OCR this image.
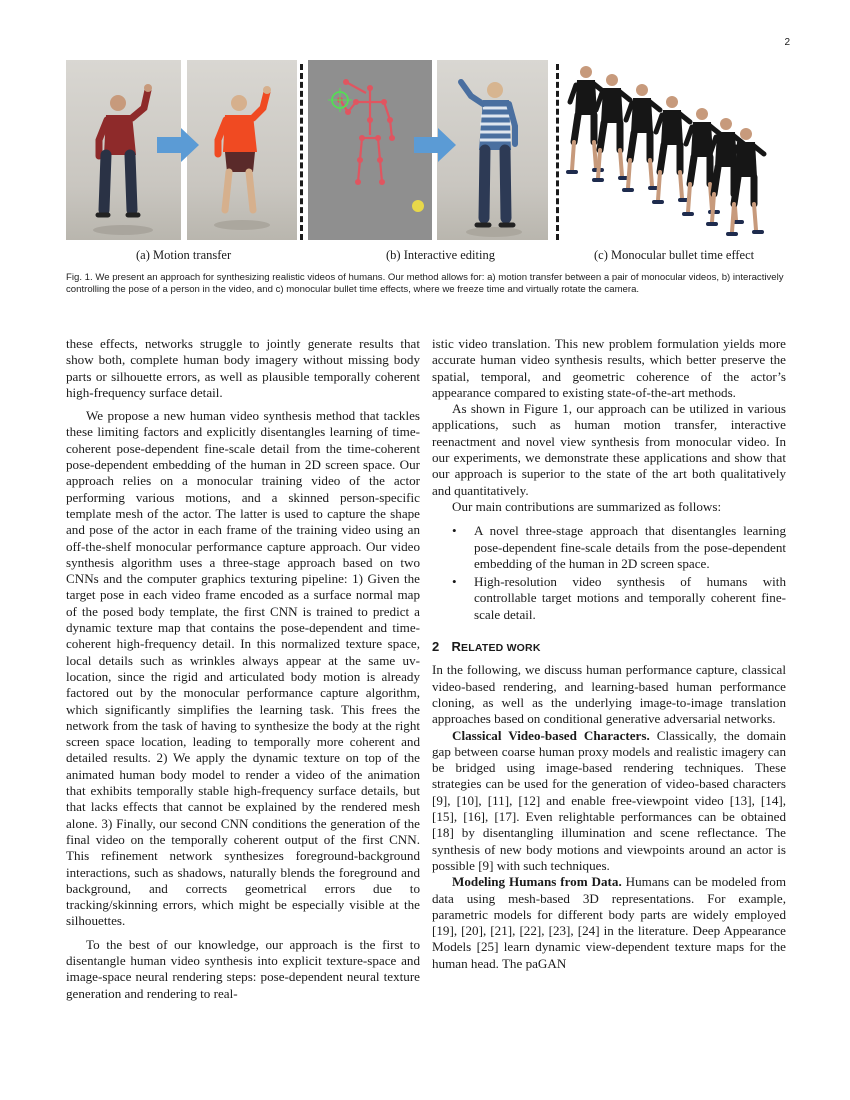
2
(a) Motion transfer	(b) Interactive editing	(c) Monocular bullet time effect
Fig. 1. We present an approach for synthesizing realistic videos of humans. Our method allows for: a) motion transfer between a pair of monocular videos, b) interactively controlling the pose of a person in the video, and c) monocular bullet time effects, where we freeze time and virtually rotate the camera.

these effects, networks struggle to jointly generate results that show both, complete human body imagery without missing body parts or silhouette errors, as well as plausible temporally coherent high-frequency surface detail.

We propose a new human video synthesis method that tackles these limiting factors and explicitly disentangles learning of time-coherent pose-dependent fine-scale detail from the time-coherent pose-dependent embedding of the human in 2D screen space. Our approach relies on a monocular training video of the actor performing various motions, and a skinned person-specific template mesh of the actor. The latter is used to capture the shape and pose of the actor in each frame of the training video using an off-the-shelf monocular performance capture approach. Our video synthesis algorithm uses a three-stage approach based on two CNNs and the computer graphics texturing pipeline: 1) Given the target pose in each video frame encoded as a surface normal map of the posed body template, the first CNN is trained to predict a dynamic texture map that contains the pose-dependent and time-coherent high-frequency detail. In this normalized texture space, local details such as wrinkles always appear at the same uv-location, since the rigid and articulated body motion is already factored out by the monocular performance capture algorithm, which significantly simplifies the learning task. This frees the network from the task of having to synthesize the body at the right screen space location, leading to temporally more coherent and detailed results. 2) We apply the dynamic texture on top of the animated human body model to render a video of the animation that exhibits temporally stable high-frequency surface details, but that lacks effects that cannot be explained by the rendered mesh alone. 3) Finally, our second CNN conditions the generation of the final video on the temporally coherent output of the first CNN. This refinement network synthesizes foreground-background interactions, such as shadows, naturally blends the foreground and background, and corrects geometrical errors due to tracking/skinning errors, which might be especially visible at the silhouettes.

To the best of our knowledge, our approach is the first to disentangle human video synthesis into explicit texture-space and image-space neural rendering steps: pose-dependent neural texture generation and rendering to real-

istic video translation. This new problem formulation yields more accurate human video synthesis results, which better preserve the spatial, temporal, and geometric coherence of the actor’s appearance compared to existing state-of-the-art methods.

As shown in Figure 1, our approach can be utilized in various applications, such as human motion transfer, interactive reenactment and novel view synthesis from monocular video. In our experiments, we demonstrate these applications and show that our approach is superior to the state of the art both qualitatively and quantitatively.

Our main contributions are summarized as follows:

• A novel three-stage approach that disentangles learning pose-dependent fine-scale details from the pose-dependent embedding of the human in 2D screen space.
• High-resolution video synthesis of humans with controllable target motions and temporally coherent fine-scale detail.
2 RELATED WORK

In the following, we discuss human performance capture, classical video-based rendering, and learning-based human performance cloning, as well as the underlying image-to-image translation approaches based on conditional generative adversarial networks.

Classical Video-based Characters. Classically, the domain gap between coarse human proxy models and realistic imagery can be bridged using image-based rendering techniques. These strategies can be used for the generation of video-based characters [9], [10], [11], [12] and enable free-viewpoint video [13], [14], [15], [16], [17]. Even relightable performances can be obtained [18] by disentangling illumination and scene reflectance. The synthesis of new body motions and viewpoints around an actor is possible [9] with such techniques.

Modeling Humans from Data. Humans can be modeled from data using mesh-based 3D representations. For example, parametric models for different body parts are widely employed [19], [20], [21], [22], [23], [24] in the literature. Deep Appearance Models [25] learn dynamic view-dependent texture maps for the human head. The paGAN
